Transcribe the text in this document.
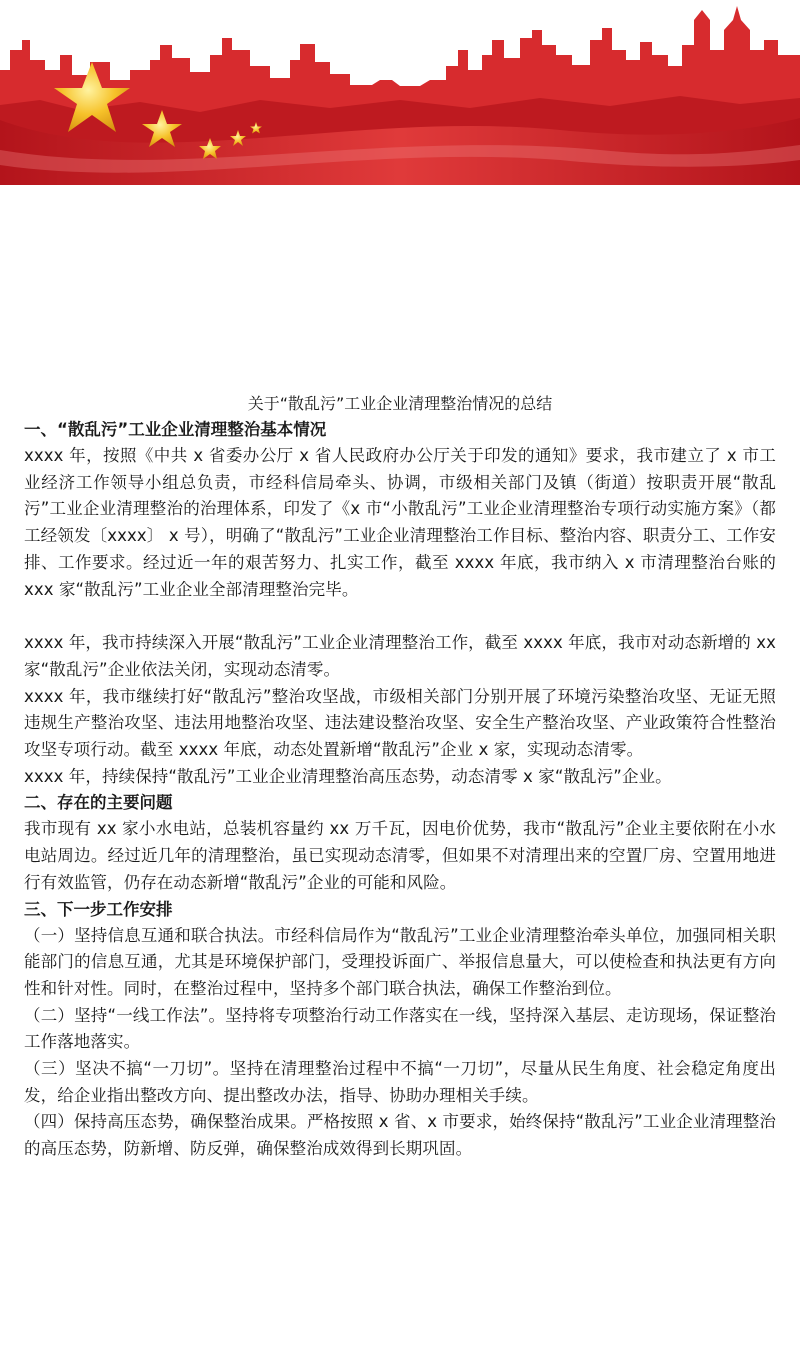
关于“散乱污”工业企业清理整治情况的总结

一、“散乱污”工业企业清理整治基本情况

xxxx 年，按照《中共 x 省委办公厅 x 省人民政府办公厅关于印发的通知》要求，我市建立了 x 市工业经济工作领导小组总负责，市经科信局牵头、协调，市级相关部门及镇（街道）按职责开展“散乱污”工业企业清理整治的治理体系，印发了《x 市“小散乱污”工业企业清理整治专项行动实施方案》（都工经领发〔xxxx〕 x 号），明确了“散乱污”工业企业清理整治工作目标、整治内容、职责分工、工作安排、工作要求。经过近一年的艰苦努力、扎实工作，截至 xxxx 年底，我市纳入 x 市清理整治台账的 xxx 家“散乱污”工业企业全部清理整治完毕。

xxxx 年，我市持续深入开展“散乱污”工业企业清理整治工作，截至 xxxx 年底，我市对动态新增的 xx 家“散乱污”企业依法关闭，实现动态清零。

xxxx 年，我市继续打好“散乱污”整治攻坚战，市级相关部门分别开展了环境污染整治攻坚、无证无照违规生产整治攻坚、违法用地整治攻坚、违法建设整治攻坚、安全生产整治攻坚、产业政策符合性整治攻坚专项行动。截至 xxxx 年底，动态处置新增“散乱污”企业 x 家，实现动态清零。

xxxx 年，持续保持“散乱污”工业企业清理整治高压态势，动态清零 x 家“散乱污”企业。

二、存在的主要问题

我市现有 xx 家小水电站，总装机容量约 xx 万千瓦，因电价优势，我市“散乱污”企业主要依附在小水电站周边。经过近几年的清理整治，虽已实现动态清零，但如果不对清理出来的空置厂房、空置用地进行有效监管，仍存在动态新增“散乱污”企业的可能和风险。

三、下一步工作安排

（一）坚持信息互通和联合执法。市经科信局作为“散乱污”工业企业清理整治牵头单位，加强同相关职能部门的信息互通，尤其是环境保护部门，受理投诉面广、举报信息量大，可以使检查和执法更有方向性和针对性。同时，在整治过程中，坚持多个部门联合执法，确保工作整治到位。

（二）坚持“一线工作法”。坚持将专项整治行动工作落实在一线，坚持深入基层、走访现场，保证整治工作落地落实。

（三）坚决不搞“一刀切”。坚持在清理整治过程中不搞“一刀切”，尽量从民生角度、社会稳定角度出发，给企业指出整改方向、提出整改办法，指导、协助办理相关手续。

（四）保持高压态势，确保整治成果。严格按照 x 省、x 市要求，始终保持“散乱污”工业企业清理整治的高压态势，防新增、防反弹，确保整治成效得到长期巩固。
